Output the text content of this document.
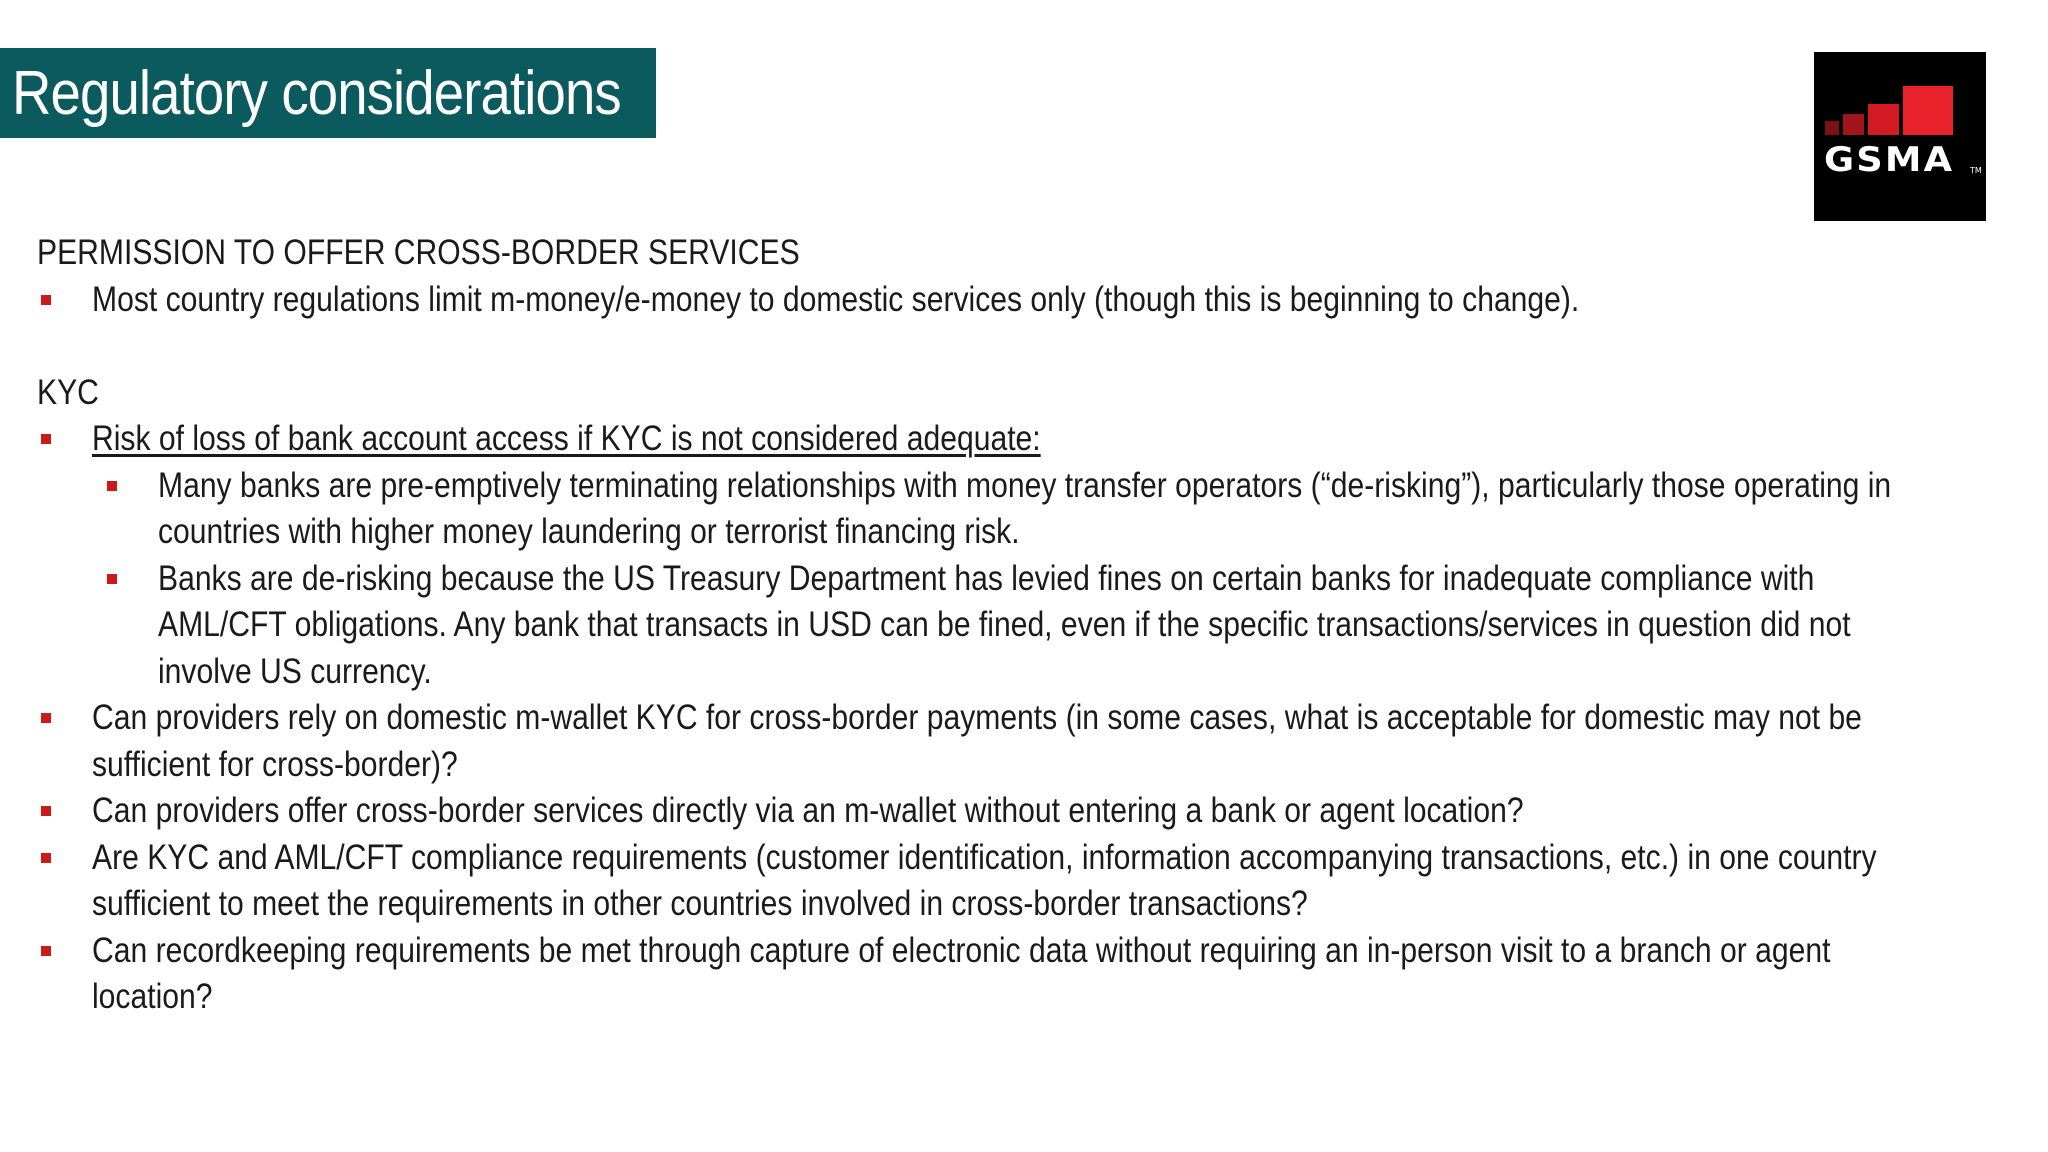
Regulatory considerations
GSMA TM
PERMISSION TO OFFER CROSS-BORDER SERVICES
Most country regulations limit m-money/e-money to domestic services only (though this is beginning to change).
KYC
Risk of loss of bank account access if KYC is not considered adequate:
Many banks are pre-emptively terminating relationships with money transfer operators (“de-risking”), particularly those operating in
countries with higher money laundering or terrorist financing risk.
Banks are de-risking because the US Treasury Department has levied fines on certain banks for inadequate compliance with
AML/CFT obligations. Any bank that transacts in USD can be fined, even if the specific transactions/services in question did not
involve US currency.
Can providers rely on domestic m-wallet KYC for cross-border payments (in some cases, what is acceptable for domestic may not be
sufficient for cross-border)?
Can providers offer cross-border services directly via an m-wallet without entering a bank or agent location?
Are KYC and AML/CFT compliance requirements (customer identification, information accompanying transactions, etc.) in one country
sufficient to meet the requirements in other countries involved in cross-border transactions?
Can recordkeeping requirements be met through capture of electronic data without requiring an in-person visit to a branch or agent
location?
